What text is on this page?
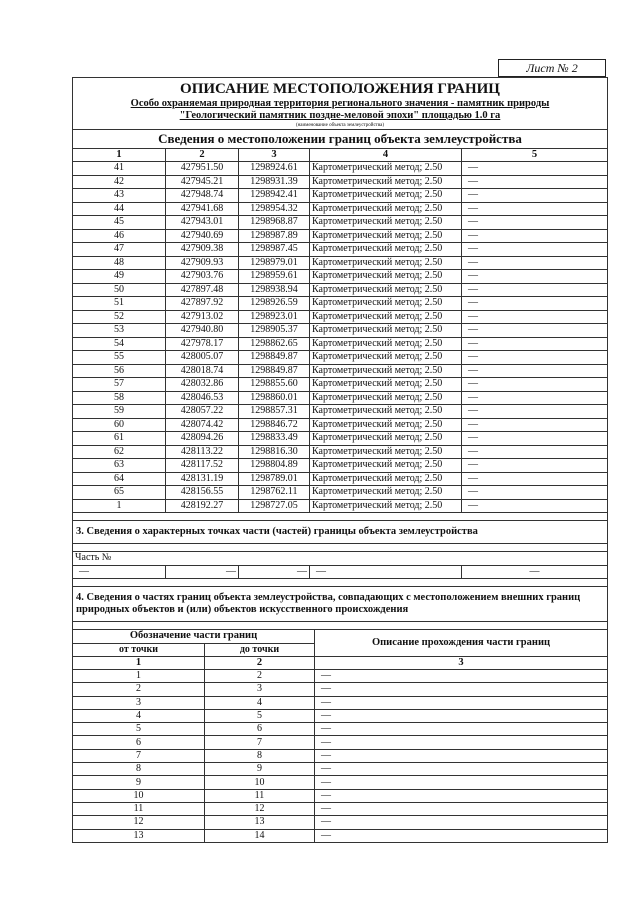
Лист № 2
ОПИСАНИЕ МЕСТОПОЛОЖЕНИЯ ГРАНИЦ
Особо охраняемая природная территория регионального значения - памятник природы
"Геологический памятник поздне-меловой эпохи" площадью 1.0 га
(наименование объекта землеустройства)				

Сведения о местоположении границ объекта землеустройства				
1	2	3	4	5
41	427951.50	1298924.61	Картометрический метод; 2.50	—
42	427945.21	1298931.39	Картометрический метод; 2.50	—
43	427948.74	1298942.41	Картометрический метод; 2.50	—
44	427941.68	1298954.32	Картометрический метод; 2.50	—
45	427943.01	1298968.87	Картометрический метод; 2.50	—
46	427940.69	1298987.89	Картометрический метод; 2.50	—
47	427909.38	1298987.45	Картометрический метод; 2.50	—
48	427909.93	1298979.01	Картометрический метод; 2.50	—
49	427903.76	1298959.61	Картометрический метод; 2.50	—
50	427897.48	1298938.94	Картометрический метод; 2.50	—
51	427897.92	1298926.59	Картометрический метод; 2.50	—
52	427913.02	1298923.01	Картометрический метод; 2.50	—
53	427940.80	1298905.37	Картометрический метод; 2.50	—
54	427978.17	1298862.65	Картометрический метод; 2.50	—
55	428005.07	1298849.87	Картометрический метод; 2.50	—
56	428018.74	1298849.87	Картометрический метод; 2.50	—
57	428032.86	1298855.60	Картометрический метод; 2.50	—
58	428046.53	1298860.01	Картометрический метод; 2.50	—
59	428057.22	1298857.31	Картометрический метод; 2.50	—
60	428074.42	1298846.72	Картометрический метод; 2.50	—
61	428094.26	1298833.49	Картометрический метод; 2.50	—
62	428113.22	1298816.30	Картометрический метод; 2.50	—
63	428117.52	1298804.89	Картометрический метод; 2.50	—
64	428131.19	1298789.01	Картометрический метод; 2.50	—
65	428156.55	1298762.11	Картометрический метод; 2.50	—
1	428192.27	1298727.05	Картометрический метод; 2.50	—

3. Сведения о характерных точках части (частей) границы объекта землеустройства

Часть №
—	—	—	—	—

4. Сведения о частях границ объекта землеустройства, совпадающих с местоположением внешних границ природных объектов и (или) объектов искусственного происхождения		

Обозначение части границ		Описание прохождения части границ
от точки	до точки	
1	2	3
1	2	—
2	3	—
3	4	—
4	5	—
5	6	—
6	7	—
7	8	—
8	9	—
9	10	—
10	11	—
11	12	—
12	13	—
13	14	—
